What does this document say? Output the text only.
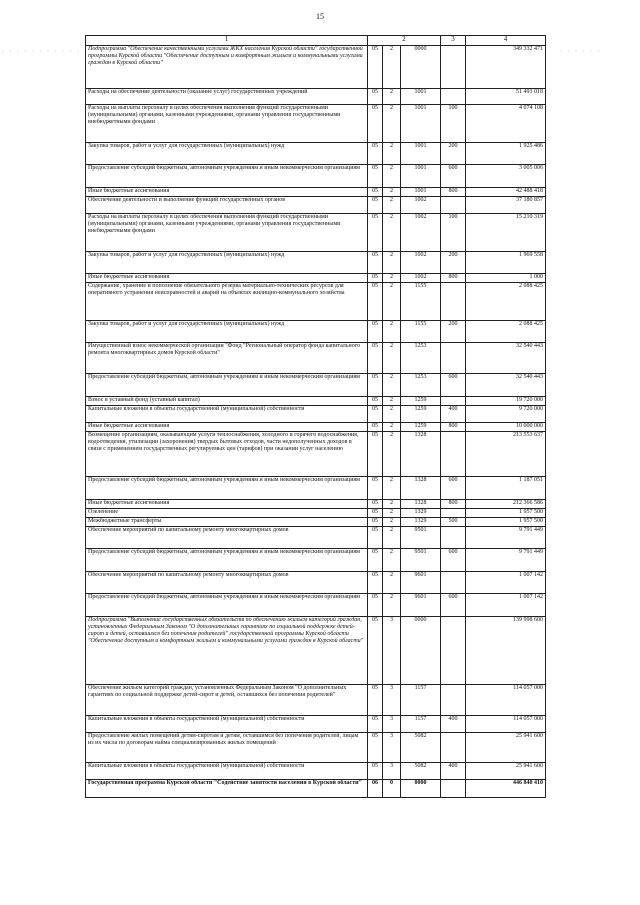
15
· · · · · · · · · · ·	· · · · · ·
1	2			3	4
Подпрограмма "Обеспечение качественными услугами ЖКХ населения Курской области" государственной программы Курской области "Обеспечение доступным и комфортным жильем и коммунальными услугами граждан в Курской области"	05	2	0000		349 332 471
Расходы на обеспечение деятельности (оказание услуг) государственных учреждений	05	2	1001		51 493 018
Расходы на выплаты персоналу в целях обеспечения выполнения функций государственными (муниципальными) органами, казенными учреждениями, органами управления государственными внебюджетными фондами	05	2	1001	100	4 074 108
Закупка товаров, работ и услуг для государственных (муниципальных) нужд	05	2	1001	200	1 925 486
Предоставление субсидий бюджетным, автономным учреждениям и иным некоммерческим организациям	05	2	1001	600	3 005 006
Иные бюджетные ассигнования	05	2	1001	800	42 488 418
Обеспечение деятельности и выполнение функций государственных органов	05	2	1002		37 180 857
Расходы на выплаты персоналу в целях обеспечения выполнения функций государственными (муниципальными) органами, казенными учреждениями, органами управления государственными внебюджетными фондами	05	2	1002	100	15 210 319
Закупка товаров, работ и услуг для государственных (муниципальных) нужд	05	2	1002	200	1 969 558
Иные бюджетные ассигнования	05	2	1002	800	1 000
Содержание, хранение и пополнение обязательного резерва материально-технических ресурсов для оперативного устранения неисправностей и аварий на объектах жилищно-коммунального хозяйства	05	2	1155		2 088 425
Закупка товаров, работ и услуг для государственных (муниципальных) нужд	05	2	1155	200	2 088 425
Имущественный взнос некоммерческой организации "Фонд "Региональный оператор фонда капитального ремонта многоквартирных домов Курской области"	05	2	1253		32 540 443
Предоставление субсидий бюджетным, автономным учреждениям и иным некоммерческим организациям	05	2	1253	600	32 540 443
Взнос в уставный фонд (уставный капитал)	05	2	1259		19 720 000
Капитальные вложения в объекты государственной (муниципальной) собственности	05	2	1259	400	9 720 000
Иные бюджетные ассигнования	05	2	1259	800	10 000 000
Возмещение организациям, оказывающим услуги теплоснабжения, холодного и горячего водоснабжения, водоотведения, утилизации (захоронения) твердых бытовых отходов, части недополученных доходов в связи с применением государственных регулируемых цен (тарифов) при оказании услуг населению	05	2	1328		213 553 637
Предоставление субсидий бюджетным, автономным учреждениям и иным некоммерческим организациям	05	2	1328	600	1 187 051
Иные бюджетные ассигнования	05	2	1328	800	212 366 586
Озеленение	05	2	1329		1 957 500
Межбюджетные трансферты	05	2	1329	500	1 957 500
Обеспечение мероприятий по капитальному ремонту многоквартирных домов	05	2	9501		9 791 449
Предоставление субсидий бюджетным, автономным учреждениям и иным некоммерческим организациям	05	2	9501	600	9 791 449
Обеспечение мероприятий по капитальному ремонту многоквартирных домов	05	2	9601		1 007 142
Предоставление субсидий бюджетным, автономным учреждениям и иным некоммерческим организациям	05	2	9601	600	1 007 142
Подпрограмма "Выполнение государственных обязательств по обеспечению жильем категорий граждан, установленных Федеральным Законом "О дополнительных гарантиях по социальной поддержке детей-сирот и детей, оставшихся без попечения родителей" государственной программы Курской области "Обеспечение доступным и комфортным жильем и коммунальными услугами граждан в Курской области"	05	3	0000		139 998 600
Обеспечение жильем категорий граждан, установленных Федеральным Законом "О дополнительных гарантиях по социальной поддержке детей-сирот и детей, оставшихся без попечения родителей"	05	3	1157		114 057 000
Капитальные вложения в объекты государственной (муниципальной) собственности	05	3	1157	400	114 057 000
Предоставление жилых помещений детям-сиротам и детям, оставшимся без попечения родителей, лицам из их числа по договорам найма специализированных жилых помещений	05	3	5082		25 941 600
Капитальные вложения в объекты государственной (муниципальной) собственности	05	3	5082	400	25 941 600
Государственная программа Курской области "Содействие занятости населения в Курской области"	06	0	0000		446 840 410
